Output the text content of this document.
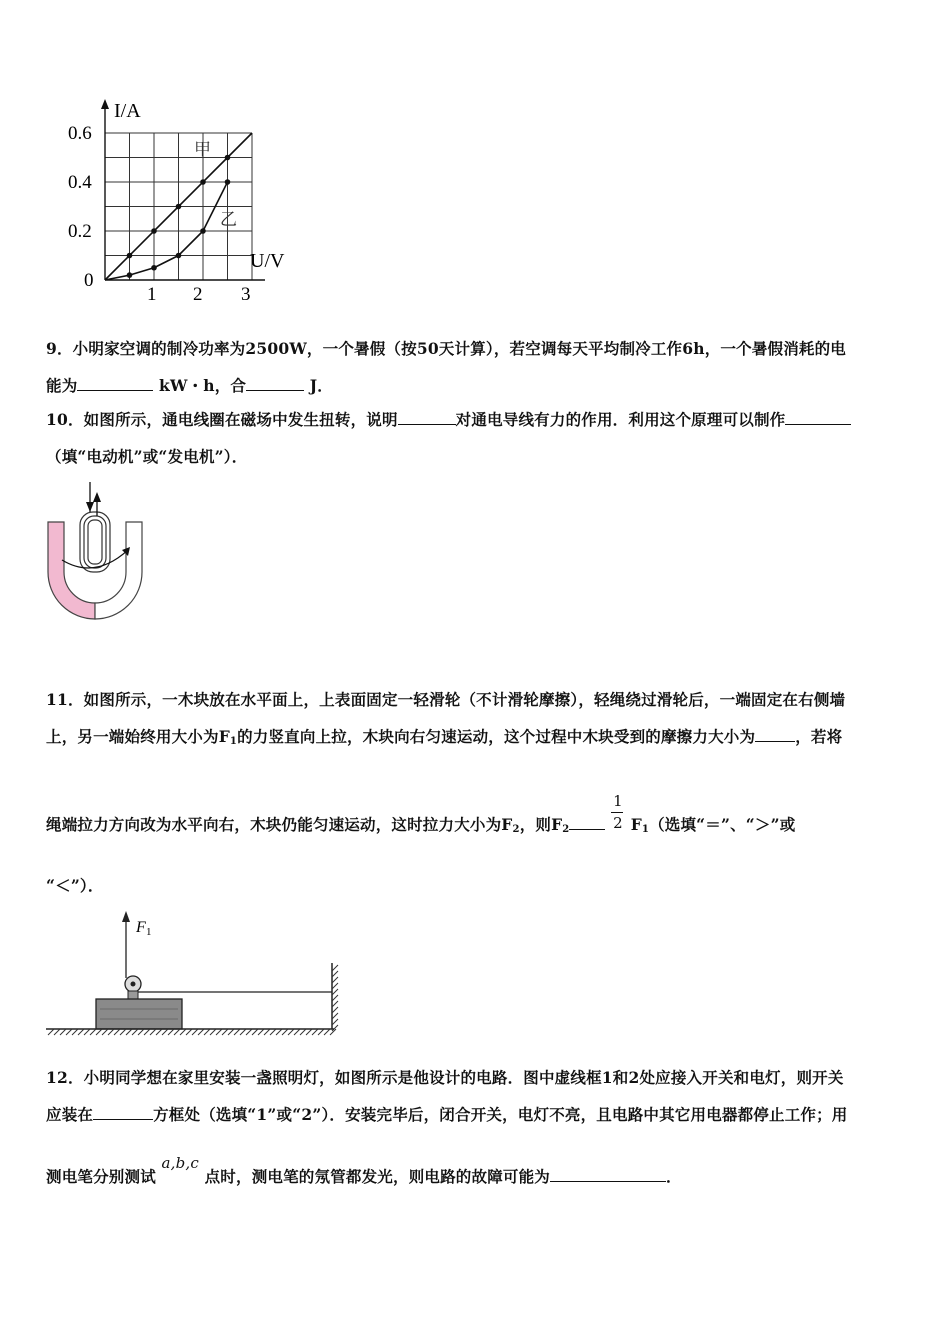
I/A
U/V
0.6
0.4
0.2
0
1 2 3
甲
乙
9．小明家空调的制冷功率为2500W，一个暑假（按50天计算），若空调每天平均制冷工作6h，一个暑假消耗的电
能为	kW・h，合	J．
10．如图所示，通电线圈在磁场中发生扭转，说明	对通电导线有力的作用．利用这个原理可以制作
（填“电动机”或“发电机”）．
11．如图所示，一木块放在水平面上，上表面固定一轻滑轮（不计滑轮摩擦），轻绳绕过滑轮后，一端固定在右侧墙
上，另一端始终用大小为$F_1$的力竖直向上拉，木块向右匀速运动，这个过程中木块受到的摩擦力大小为	，若将
绳端拉力方向改为水平向右，木块仍能匀速运动，这时拉力大小为$F_2$，则$F_2$	$\frac{1}{2} F_1$（选填“＝”、“＞”或
“＜”）．
F 1
12．小明同学想在家里安装一盏照明灯，如图所示是他设计的电路．图中虚线框1和2处应接入开关和电灯，则开关
应装在	方框处（选填“1”或“2”）．安装完毕后，闭合开关，电灯不亮，且电路中其它用电器都停止工作；用
测电笔分别测试 a,b,c 点时，测电笔的氖管都发光，则电路的故障可能为	．
